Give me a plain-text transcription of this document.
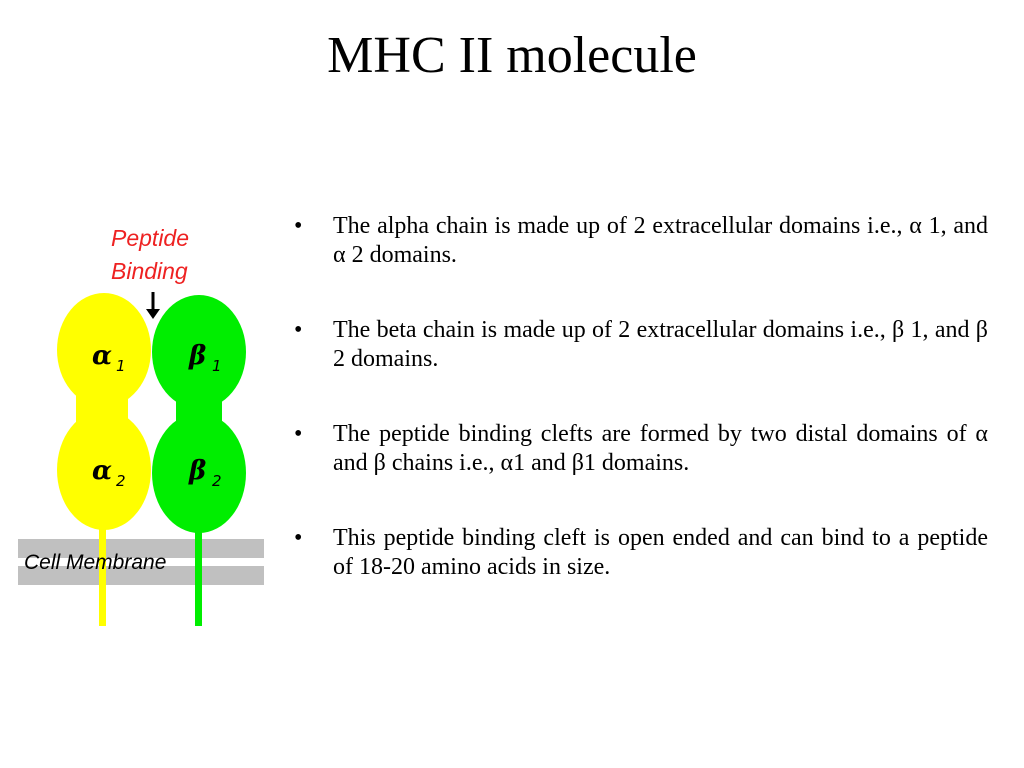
MHC II molecule
Peptide
Binding
α 1
α 2
β 1
β 2
Cell Membrane
• The alpha chain is made up of 2 extracellular domains i.e., α 1, and α 2 domains.
• The beta chain is made up of 2 extracellular domains i.e., β 1, and β 2 domains.
• The peptide binding clefts are formed by two distal domains of α and β chains i.e., α1 and β1 domains.
• This peptide binding cleft is open ended and can bind to a peptide of 18-20 amino acids in size.
